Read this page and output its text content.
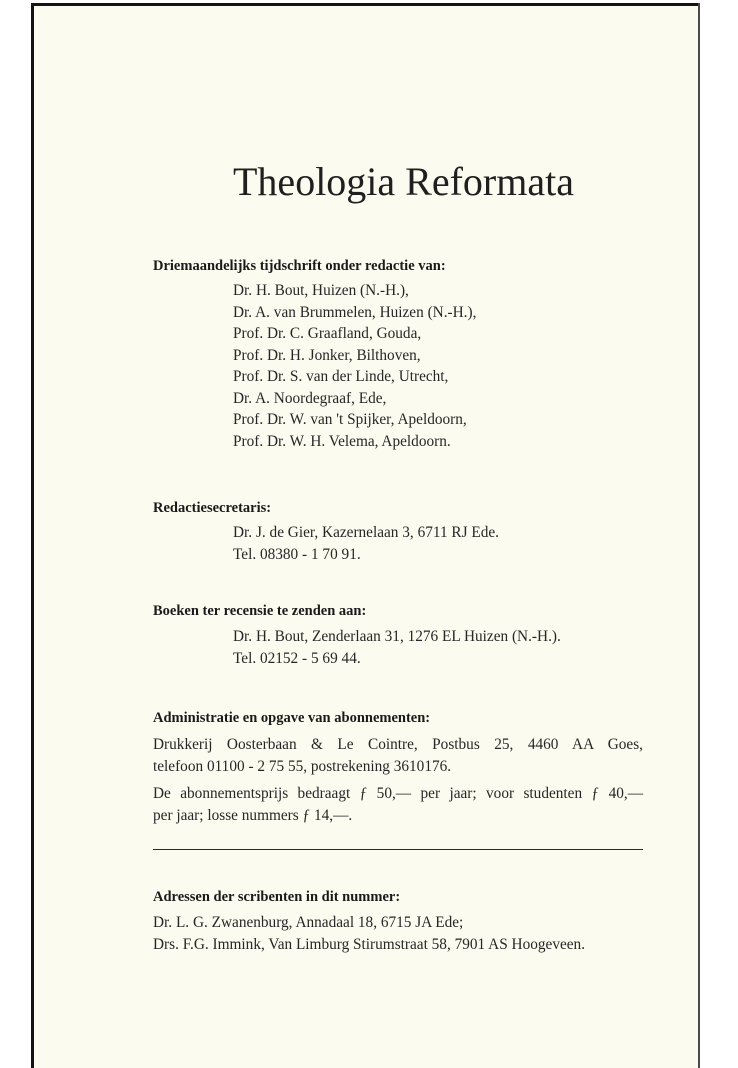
Theologia Reformata
Driemaandelijks tijdschrift onder redactie van:
Dr. H. Bout, Huizen (N.-H.),
Dr. A. van Brummelen, Huizen (N.-H.),
Prof. Dr. C. Graafland, Gouda,
Prof. Dr. H. Jonker, Bilthoven,
Prof. Dr. S. van der Linde, Utrecht,
Dr. A. Noordegraaf, Ede,
Prof. Dr. W. van 't Spijker, Apeldoorn,
Prof. Dr. W. H. Velema, Apeldoorn.
Redactiesecretaris:
Dr. J. de Gier, Kazernelaan 3, 6711 RJ Ede.
Tel. 08380 - 1 70 91.
Boeken ter recensie te zenden aan:
Dr. H. Bout, Zenderlaan 31, 1276 EL Huizen (N.-H.).
Tel. 02152 - 5 69 44.
Administratie en opgave van abonnementen:
Drukkerij Oosterbaan & Le Cointre, Postbus 25, 4460 AA Goes,
telefoon 01100 - 2 75 55, postrekening 3610176.
De abonnementsprijs bedraagt ƒ 50,— per jaar; voor studenten ƒ 40,—
per jaar; losse nummers ƒ 14,—.
Adressen der scribenten in dit nummer:
Dr. L. G. Zwanenburg, Annadaal 18, 6715 JA Ede;
Drs. F.G. Immink, Van Limburg Stirumstraat 58, 7901 AS Hoogeveen.
